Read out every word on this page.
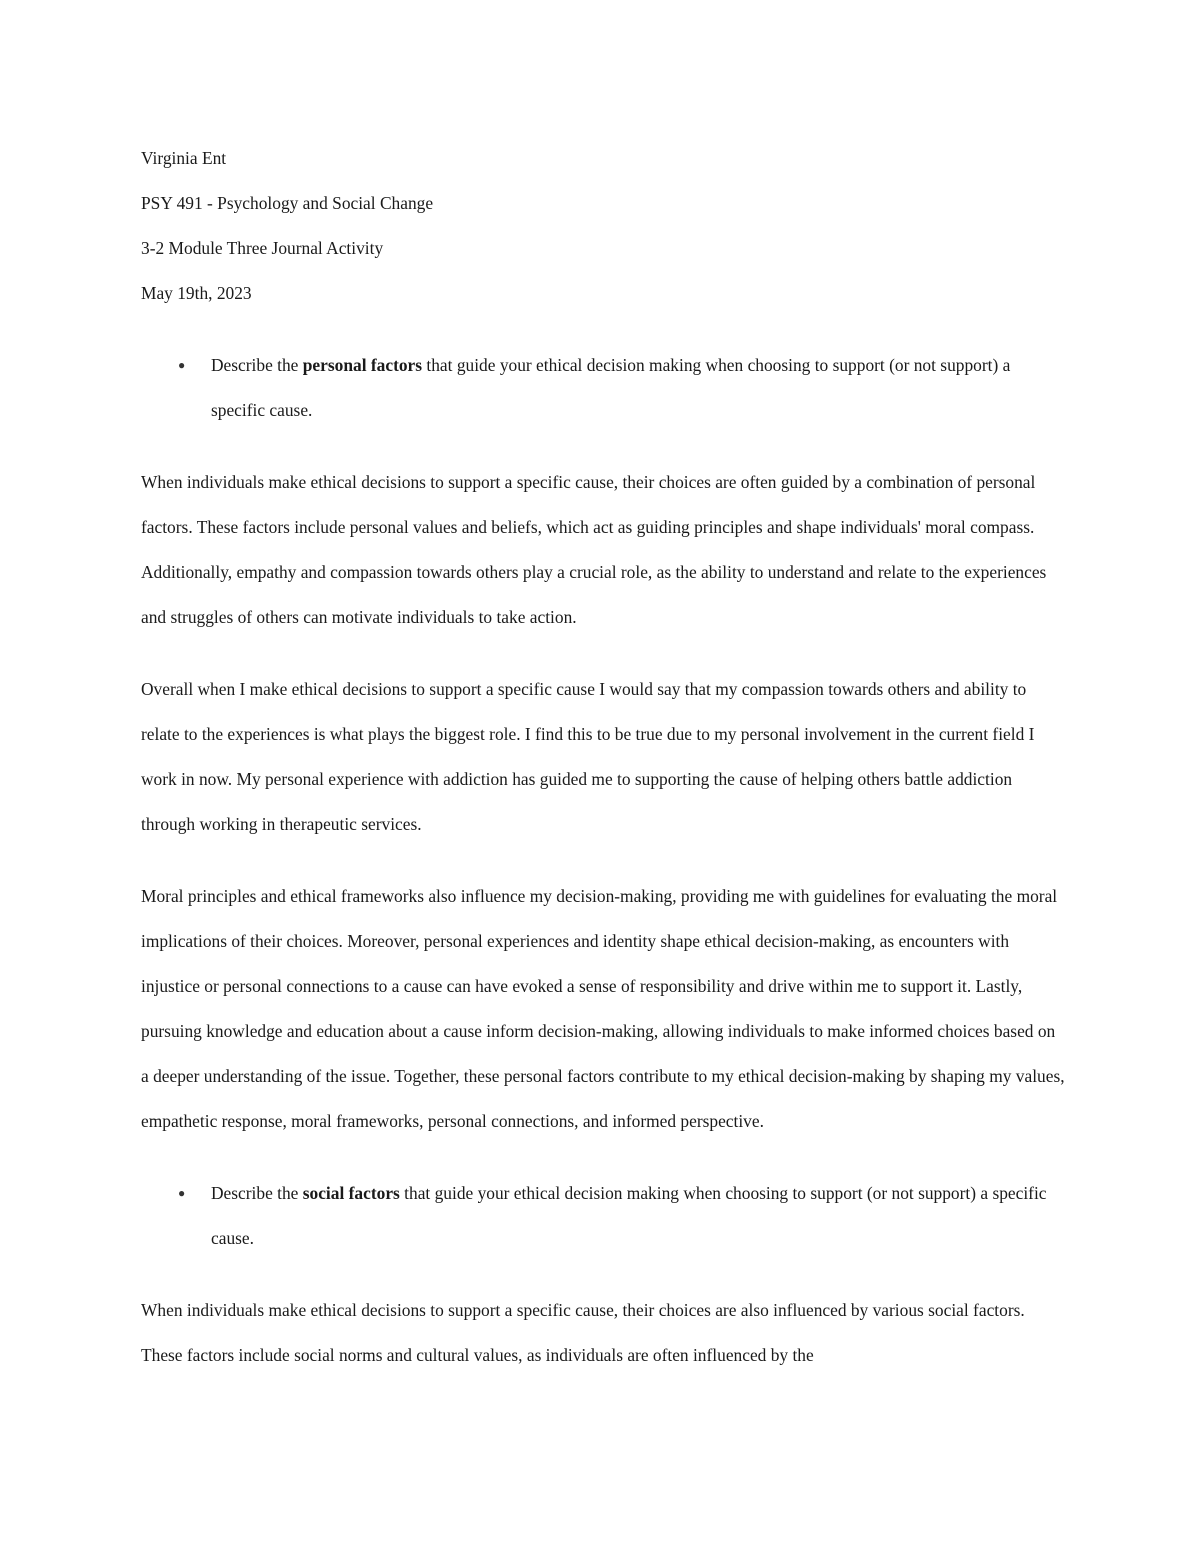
Virginia Ent

PSY 491 - Psychology and Social Change

3-2 Module Three Journal Activity

May 19th, 2023

● Describe the personal factors that guide your ethical decision making when choosing to support (or not support) a specific cause.

When individuals make ethical decisions to support a specific cause, their choices are often guided by a combination of personal factors. These factors include personal values and beliefs, which act as guiding principles and shape individuals' moral compass. Additionally, empathy and compassion towards others play a crucial role, as the ability to understand and relate to the experiences and struggles of others can motivate individuals to take action.

Overall when I make ethical decisions to support a specific cause I would say that my compassion towards others and ability to relate to the experiences is what plays the biggest role. I find this to be true due to my personal involvement in the current field I work in now. My personal experience with addiction has guided me to supporting the cause of helping others battle addiction through working in therapeutic services.

Moral principles and ethical frameworks also influence my decision-making, providing me with guidelines for evaluating the moral implications of their choices. Moreover, personal experiences and identity shape ethical decision-making, as encounters with injustice or personal connections to a cause can have evoked a sense of responsibility and drive within me to support it. Lastly, pursuing knowledge and education about a cause inform decision-making, allowing individuals to make informed choices based on a deeper understanding of the issue. Together, these personal factors contribute to my ethical decision-making by shaping my values, empathetic response, moral frameworks, personal connections, and informed perspective.

● Describe the social factors that guide your ethical decision making when choosing to support (or not support) a specific cause.

When individuals make ethical decisions to support a specific cause, their choices are also influenced by various social factors. These factors include social norms and cultural values, as individuals are often influenced by the
